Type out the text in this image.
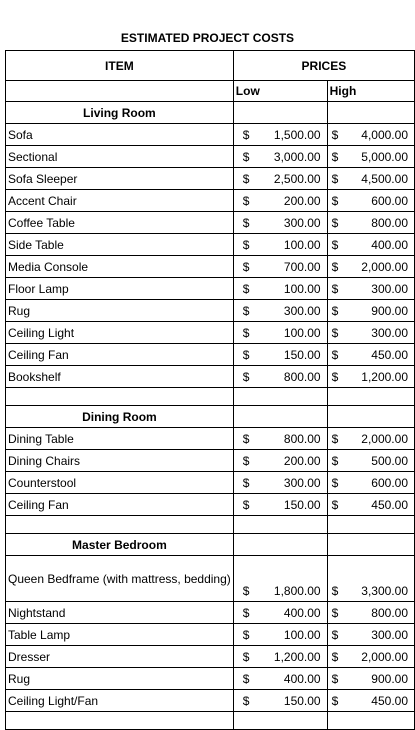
ESTIMATED PROJECT COSTS
ITEM	PRICES	
	Low	High
Living Room		
Sofa	$ 1,500.00	$ 4,000.00

Sectional	$ 3,000.00	$ 5,000.00

Sofa Sleeper	$ 2,500.00	$ 4,500.00

Accent Chair	$ 200.00	$ 600.00

Coffee Table	$ 300.00	$ 800.00

Side Table	$ 100.00	$ 400.00

Media Console	$ 700.00	$ 2,000.00

Floor Lamp	$ 100.00	$ 300.00

Rug	$ 300.00	$ 900.00

Ceiling Light	$ 100.00	$ 300.00

Ceiling Fan	$ 150.00	$ 450.00

Bookshelf	$ 800.00	$ 1,200.00

Dining Room		
Dining Table	$ 800.00	$ 2,000.00

Dining Chairs	$ 200.00	$ 500.00

Counterstool	$ 300.00	$ 600.00

Ceiling Fan	$ 150.00	$ 450.00

Master Bedroom		
Queen Bedframe (with mattress, bedding)	$ 1,800.00	$ 3,300.00

Nightstand	$ 400.00	$ 800.00

Table Lamp	$ 100.00	$ 300.00

Dresser	$ 1,200.00	$ 2,000.00

Rug	$ 400.00	$ 900.00

Ceiling Light/Fan	$ 150.00	$ 450.00
